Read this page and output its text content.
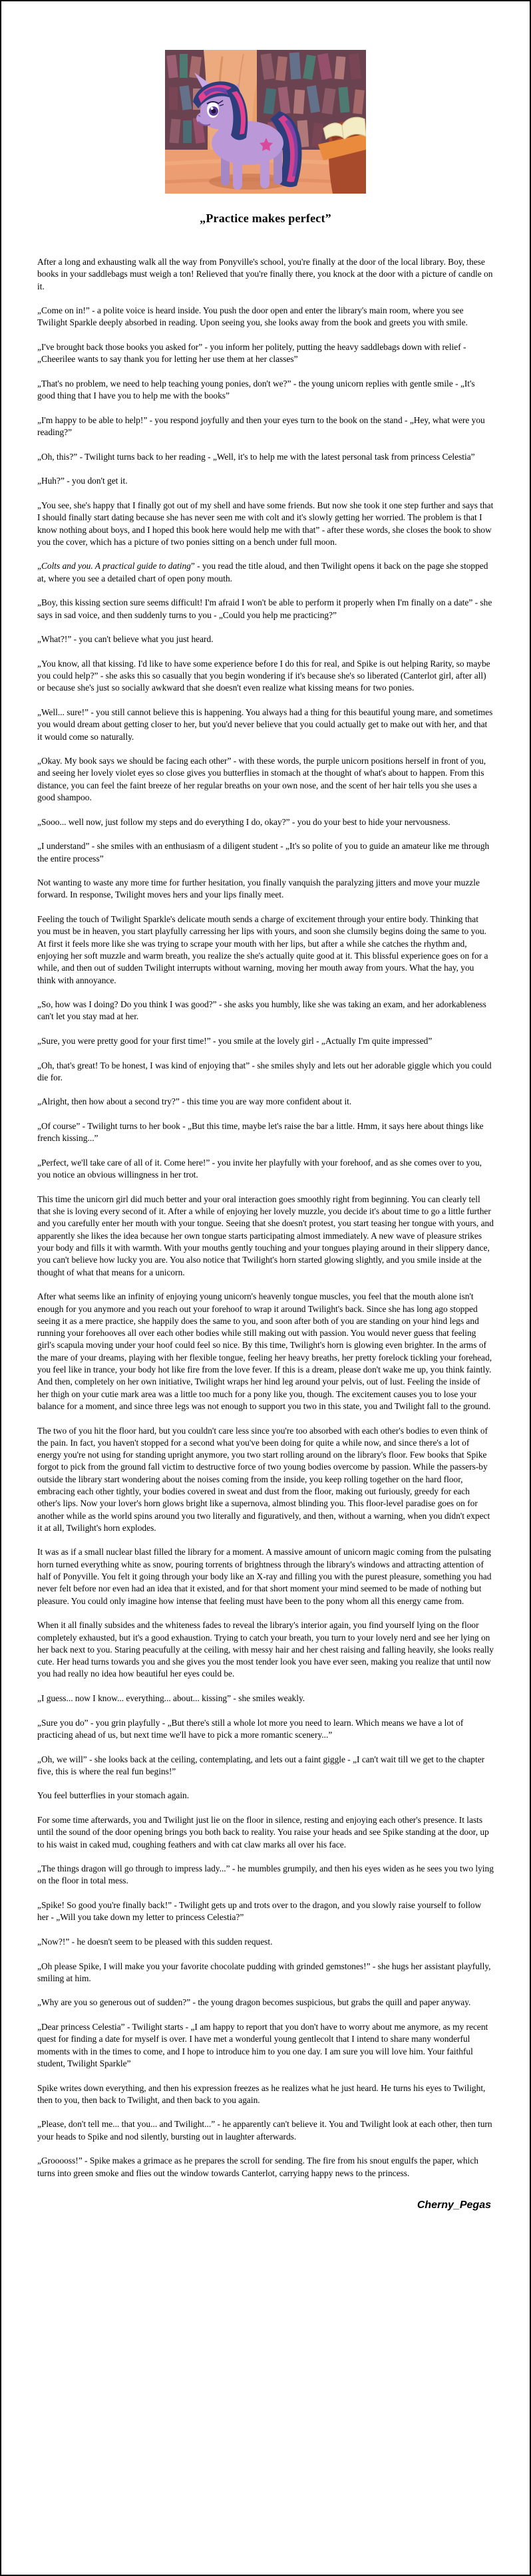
„Practice makes perfect”

After a long and exhausting walk all the way from Ponyville's school, you're finally at the door of the local library. Boy, these books in your saddlebags must weigh a ton! Relieved that you're finally there, you knock at the door with a picture of candle on it.

„Come on in!” - a polite voice is heard inside. You push the door open and enter the library's main room, where you see Twilight Sparkle deeply absorbed in reading. Upon seeing you, she looks away from the book and greets you with smile.

„I've brought back those books you asked for” - you inform her politely, putting the heavy saddlebags down with relief - „Cheerilee wants to say thank you for letting her use them at her classes”

„That's no problem, we need to help teaching young ponies, don't we?” - the young unicorn replies with gentle smile - „It's good thing that I have you to help me with the books”

„I'm happy to be able to help!” - you respond joyfully and then your eyes turn to the book on the stand - „Hey, what were you reading?”

„Oh, this?” - Twilight turns back to her reading - „Well, it's to help me with the latest personal task from princess Celestia”

„Huh?” - you don't get it.

„You see, she's happy that I finally got out of my shell and have some friends. But now she took it one step further and says that I should finally start dating because she has never seen me with colt and it's slowly getting her worried. The problem is that I know nothing about boys, and I hoped this book here would help me with that” - after these words, she closes the book to show you the cover, which has a picture of two ponies sitting on a bench under full moon.

„Colts and you. A practical guide to dating” - you read the title aloud, and then Twilight opens it back on the page she stopped at, where you see a detailed chart of open pony mouth.

„Boy, this kissing section sure seems difficult! I'm afraid I won't be able to perform it properly when I'm finally on a date” - she says in sad voice, and then suddenly turns to you - „Could you help me practicing?”

„What?!” - you can't believe what you just heard.

„You know, all that kissing. I'd like to have some experience before I do this for real, and Spike is out helping Rarity, so maybe you could help?” - she asks this so casually that you begin wondering if it's because she's so liberated (Canterlot girl, after all) or because she's just so socially awkward that she doesn't even realize what kissing means for two ponies.

„Well... sure!” - you still cannot believe this is happening. You always had a thing for this beautiful young mare, and sometimes you would dream about getting closer to her, but you'd never believe that you could actually get to make out with her, and that it would come so naturally.

„Okay. My book says we should be facing each other” - with these words, the purple unicorn positions herself in front of you, and seeing her lovely violet eyes so close gives you butterflies in stomach at the thought of what's about to happen. From this distance, you can feel the faint breeze of her regular breaths on your own nose, and the scent of her hair tells you she uses a good shampoo.

„Sooo... well now, just follow my steps and do everything I do, okay?” - you do your best to hide your nervousness.

„I understand” - she smiles with an enthusiasm of a diligent student - „It's so polite of you to guide an amateur like me through the entire process”

Not wanting to waste any more time for further hesitation, you finally vanquish the paralyzing jitters and move your muzzle forward. In response, Twilight moves hers and your lips finally meet.

Feeling the touch of Twilight Sparkle's delicate mouth sends a charge of excitement through your entire body. Thinking that you must be in heaven, you start playfully carressing her lips with yours, and soon she clumsily begins doing the same to you. At first it feels more like she was trying to scrape your mouth with her lips, but after a while she catches the rhythm and, enjoying her soft muzzle and warm breath, you realize the she's actually quite good at it. This blissful experience goes on for a while, and then out of sudden Twilight interrupts without warning, moving her mouth away from yours. What the hay, you think with annoyance.

„So, how was I doing? Do you think I was good?” - she asks you humbly, like she was taking an exam, and her adorkableness can't let you stay mad at her.

„Sure, you were pretty good for your first time!” - you smile at the lovely girl - „Actually I'm quite impressed”

„Oh, that's great! To be honest, I was kind of enjoying that” - she smiles shyly and lets out her adorable giggle which you could die for.

„Alright, then how about a second try?” - this time you are way more confident about it.

„Of course” - Twilight turns to her book - „But this time, maybe let's raise the bar a little. Hmm, it says here about things like french kissing...”

„Perfect, we'll take care of all of it. Come here!” - you invite her playfully with your forehoof, and as she comes over to you, you notice an obvious willingness in her trot.

This time the unicorn girl did much better and your oral interaction goes smoothly right from beginning. You can clearly tell that she is loving every second of it. After a while of enjoying her lovely muzzle, you decide it's about time to go a little further and you carefully enter her mouth with your tongue. Seeing that she doesn't protest, you start teasing her tongue with yours, and apparently she likes the idea because her own tongue starts participating almost immediately. A new wave of pleasure strikes your body and fills it with warmth. With your mouths gently touching and your tongues playing around in their slippery dance, you can't believe how lucky you are. You also notice that Twilight's horn started glowing slightly, and you smile inside at the thought of what that means for a unicorn.

After what seems like an infinity of enjoying young unicorn's heavenly tongue muscles, you feel that the mouth alone isn't enough for you anymore and you reach out your forehoof to wrap it around Twilight's back. Since she has long ago stopped seeing it as a mere practice, she happily does the same to you, and soon after both of you are standing on your hind legs and running your forehooves all over each other bodies while still making out with passion. You would never guess that feeling girl's scapula moving under your hoof could feel so nice. By this time, Twilight's horn is glowing even brighter. In the arms of the mare of your dreams, playing with her flexible tongue, feeling her heavy breaths, her pretty forelock tickling your forehead, you feel like in trance, your body hot like fire from the love fever. If this is a dream, please don't wake me up, you think faintly. And then, completely on her own initiative, Twilight wraps her hind leg around your pelvis, out of lust. Feeling the inside of her thigh on your cutie mark area was a little too much for a pony like you, though. The excitement causes you to lose your balance for a moment, and since three legs was not enough to support you two in this state, you and Twilight fall to the ground.

The two of you hit the floor hard, but you couldn't care less since you're too absorbed with each other's bodies to even think of the pain. In fact, you haven't stopped for a second what you've been doing for quite a while now, and since there's a lot of energy you're not using for standing upright anymore, you two start rolling around on the library's floor. Few books that Spike forgot to pick from the ground fall victim to destructive force of two young bodies overcome by passion. While the passers-by outside the library start wondering about the noises coming from the inside, you keep rolling together on the hard floor, embracing each other tightly, your bodies covered in sweat and dust from the floor, making out furiously, greedy for each other's lips. Now your lover's horn glows bright like a supernova, almost blinding you. This floor-level paradise goes on for another while as the world spins around you two literally and figuratively, and then, without a warning, when you didn't expect it at all, Twilight's horn explodes.

It was as if a small nuclear blast filled the library for a moment. A massive amount of unicorn magic coming from the pulsating horn turned everything white as snow, pouring torrents of brightness through the library's windows and attracting attention of half of Ponyville. You felt it going through your body like an X-ray and filling you with the purest pleasure, something you had never felt before nor even had an idea that it existed, and for that short moment your mind seemed to be made of nothing but pleasure. You could only imagine how intense that feeling must have been to the pony whom all this energy came from.

When it all finally subsides and the whiteness fades to reveal the library's interior again, you find yourself lying on the floor completely exhausted, but it's a good exhaustion. Trying to catch your breath, you turn to your lovely nerd and see her lying on her back next to you. Staring peacufully at the ceiling, with messy hair and her chest raising and falling heavily, she looks really cute. Her head turns towards you and she gives you the most tender look you have ever seen, making you realize that until now you had really no idea how beautiful her eyes could be.

„I guess... now I know... everything... about... kissing” - she smiles weakly.

„Sure you do” - you grin playfully - „But there's still a whole lot more you need to learn. Which means we have a lot of practicing ahead of us, but next time we'll have to pick a more romantic scenery...”

„Oh, we will” - she looks back at the ceiling, contemplating, and lets out a faint giggle - „I can't wait till we get to the chapter five, this is where the real fun begins!”

You feel butterflies in your stomach again.

For some time afterwards, you and Twilight just lie on the floor in silence, resting and enjoying each other's presence. It lasts until the sound of the door opening brings you both back to reality. You raise your heads and see Spike standing at the door, up to his waist in caked mud, coughing feathers and with cat claw marks all over his face.

„The things dragon will go through to impress lady...” - he mumbles grumpily, and then his eyes widen as he sees you two lying on the floor in total mess.

„Spike! So good you're finally back!” - Twilight gets up and trots over to the dragon, and you slowly raise yourself to follow her - „Will you take down my letter to princess Celestia?”

„Now?!” - he doesn't seem to be pleased with this sudden request.

„Oh please Spike, I will make you your favorite chocolate pudding with grinded gemstones!” - she hugs her assistant playfully, smiling at him.

„Why are you so generous out of sudden?” - the young dragon becomes suspicious, but grabs the quill and paper anyway.

„Dear princess Celestia” - Twilight starts - „I am happy to report that you don't have to worry about me anymore, as my recent quest for finding a date for myself is over. I have met a wonderful young gentlecolt that I intend to share many wonderful moments with in the times to come, and I hope to introduce him to you one day. I am sure you will love him. Your faithful student, Twilight Sparkle”

Spike writes down everything, and then his expression freezes as he realizes what he just heard. He turns his eyes to Twilight, then to you, then back to Twilight, and then back to you again.

„Please, don't tell me... that you... and Twilight...” - he apparently can't believe it. You and Twilight look at each other, then turn your heads to Spike and nod silently, bursting out in laughter afterwards.

„Grooooss!” - Spike makes a grimace as he prepares the scroll for sending. The fire from his snout engulfs the paper, which turns into green smoke and flies out the window towards Canterlot, carrying happy news to the princess.

Cherny_Pegas
